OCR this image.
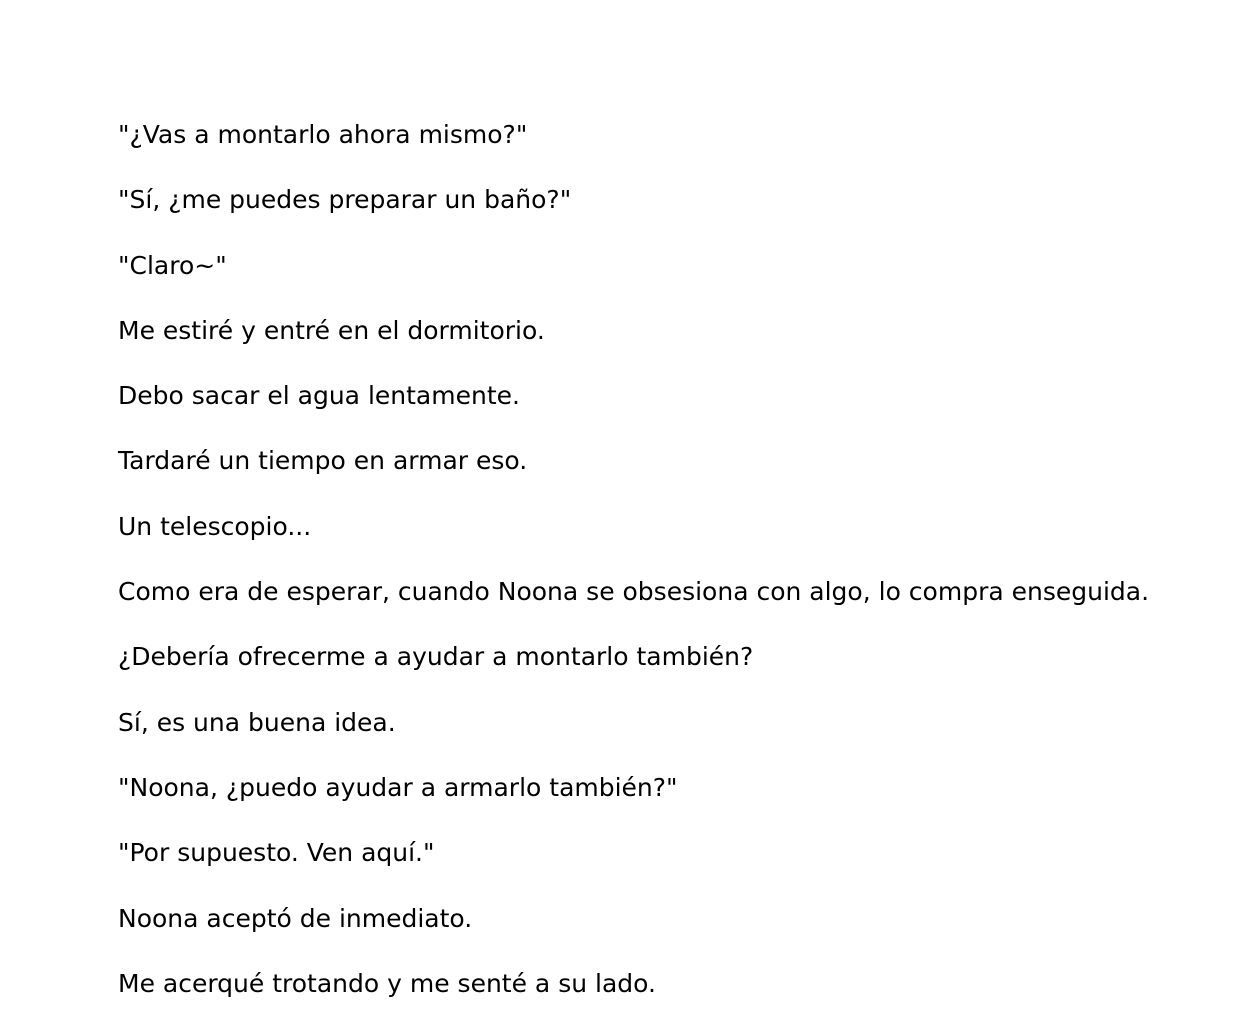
"¿Vas a montarlo ahora mismo?"

"Sí, ¿me puedes preparar un baño?"

"Claro~"

Me estiré y entré en el dormitorio.

Debo sacar el agua lentamente.

Tardaré un tiempo en armar eso.

Un telescopio...

Como era de esperar, cuando Noona se obsesiona con algo, lo compra enseguida.

¿Debería ofrecerme a ayudar a montarlo también?

Sí, es una buena idea.

"Noona, ¿puedo ayudar a armarlo también?"

"Por supuesto. Ven aquí."

Noona aceptó de inmediato.

Me acerqué trotando y me senté a su lado.
